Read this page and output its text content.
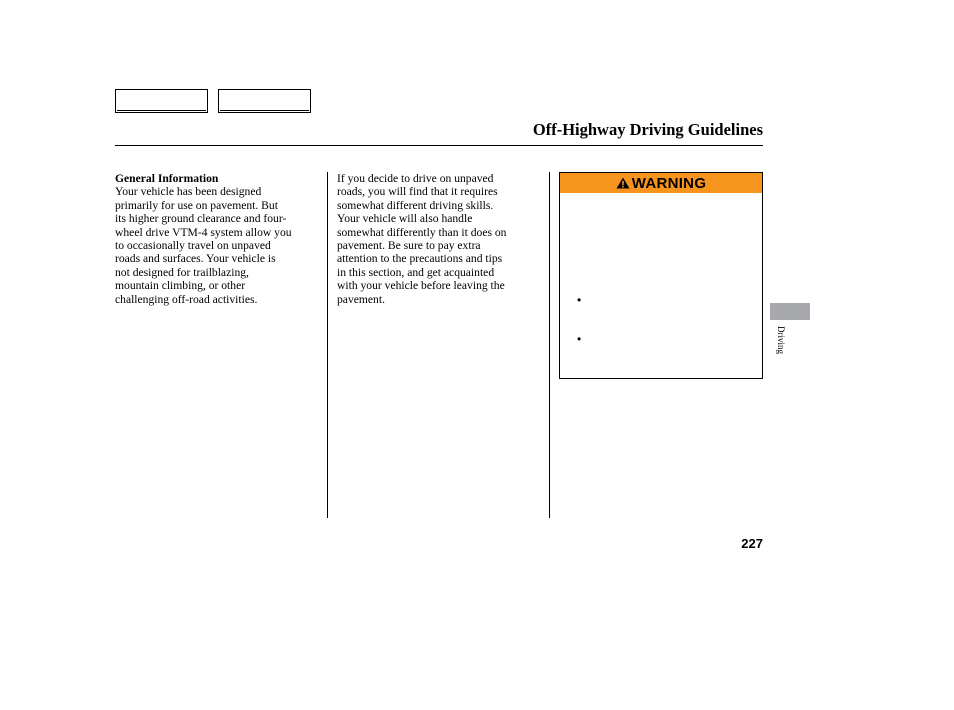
Off-Highway Driving Guidelines
General Information
Your vehicle has been designed
primarily for use on pavement. But
its higher ground clearance and four-
wheel drive VTM-4 system allow you
to occasionally travel on unpaved
roads and surfaces. Your vehicle is
not designed for trailblazing,
mountain climbing, or other
challenging off-road activities.
If you decide to drive on unpaved
roads, you will find that it requires
somewhat different driving skills.
Your vehicle will also handle
somewhat differently than it does on
pavement. Be sure to pay extra
attention to the precautions and tips
in this section, and get acquainted
with your vehicle before leaving the
pavement.
WARNING
•
•	Driving
227
